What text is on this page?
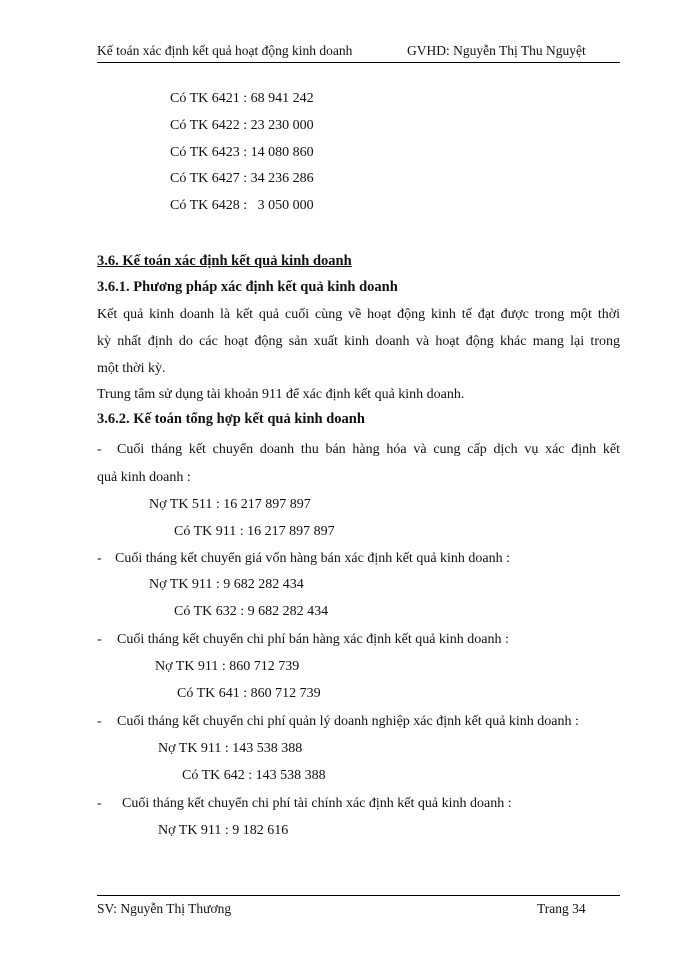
Kế toán xác định kết quả hoạt động kinh doanh	GVHD: Nguyễn Thị Thu Nguyệt
Có TK 6421 : 68 941 242
Có TK 6422 : 23 230 000
Có TK 6423 : 14 080 860
Có TK 6427 : 34 236 286
Có TK 6428 :   3 050 000
3.6. Kế toán xác định kết quả kinh doanh
3.6.1. Phương pháp xác định kết quả kinh doanh
Kết quả kinh doanh là kết quả cuối cùng về hoạt động kinh tế đạt được trong một thời
kỳ nhất định do các hoạt động sản xuất kinh doanh và hoạt động khác mang lại trong
một thời kỳ.
Trung tâm sử dụng tài khoản 911 để xác định kết quả kinh doanh.
3.6.2. Kế toán tổng hợp kết quả kinh doanh
-	Cuối tháng kết chuyển doanh thu bán hàng hóa và cung cấp dịch vụ xác định kết
quả kinh doanh :
Nợ TK 511 : 16 217 897 897
Có TK 911 : 16 217 897 897
- Cuối tháng kết chuyển giá vốn hàng bán xác định kết quả kinh doanh :
Nợ TK 911 : 9 682 282 434
Có TK 632 : 9 682 282 434
-	Cuối tháng kết chuyển chi phí bán hàng xác định kết quả kinh doanh :
Nợ TK 911 : 860 712 739
Có TK 641 : 860 712 739
-	Cuối tháng kết chuyển chi phí quản lý doanh nghiệp xác định kết quả kinh doanh :
Nợ TK 911 : 143 538 388
Có TK 642 : 143 538 388
-	Cuối tháng kết chuyển chi phí tài chính xác định kết quả kinh doanh :
Nợ TK 911 : 9 182 616
SV: Nguyễn Thị Thương	Trang 34
